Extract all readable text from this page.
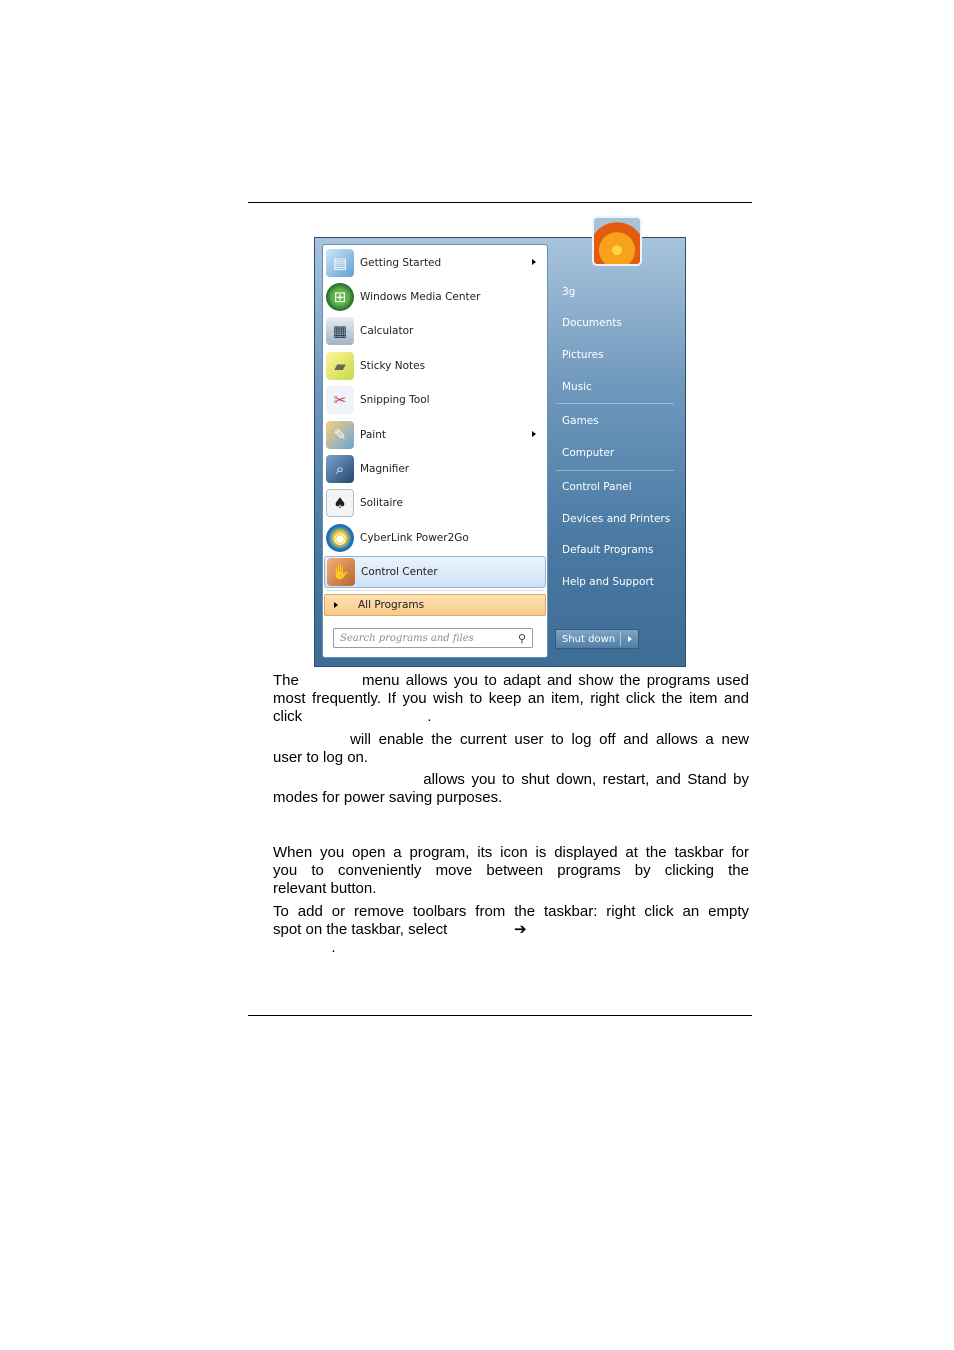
▤	Getting Started
⊞	Windows Media Center
▦	Calculator
▰	Sticky Notes
✂	Snipping Tool
✎	Paint
⌕	Magnifier
♠	Solitaire
◉	CyberLink Power2Go
✋	Control Center
All Programs
Search programs and files	⚲
3g
Documents
Pictures
Music
Games
Computer
Control Panel
Devices and Printers
Default Programs
Help and Support
Shut down
The          menu allows you to adapt and show the programs used
most frequently. If you wish to keep an item, right click the item and
click                              .
will enable the current user to log off and allows a new
user to log on.
allows you to shut down, restart, and Stand by
modes for power saving purposes.
When you open a program, its icon is displayed at the taskbar for
you to conveniently move between programs by clicking the
relevant button.
To add or remove toolbars from the taskbar: right click an empty
spot on the taskbar, select                ➔
.
